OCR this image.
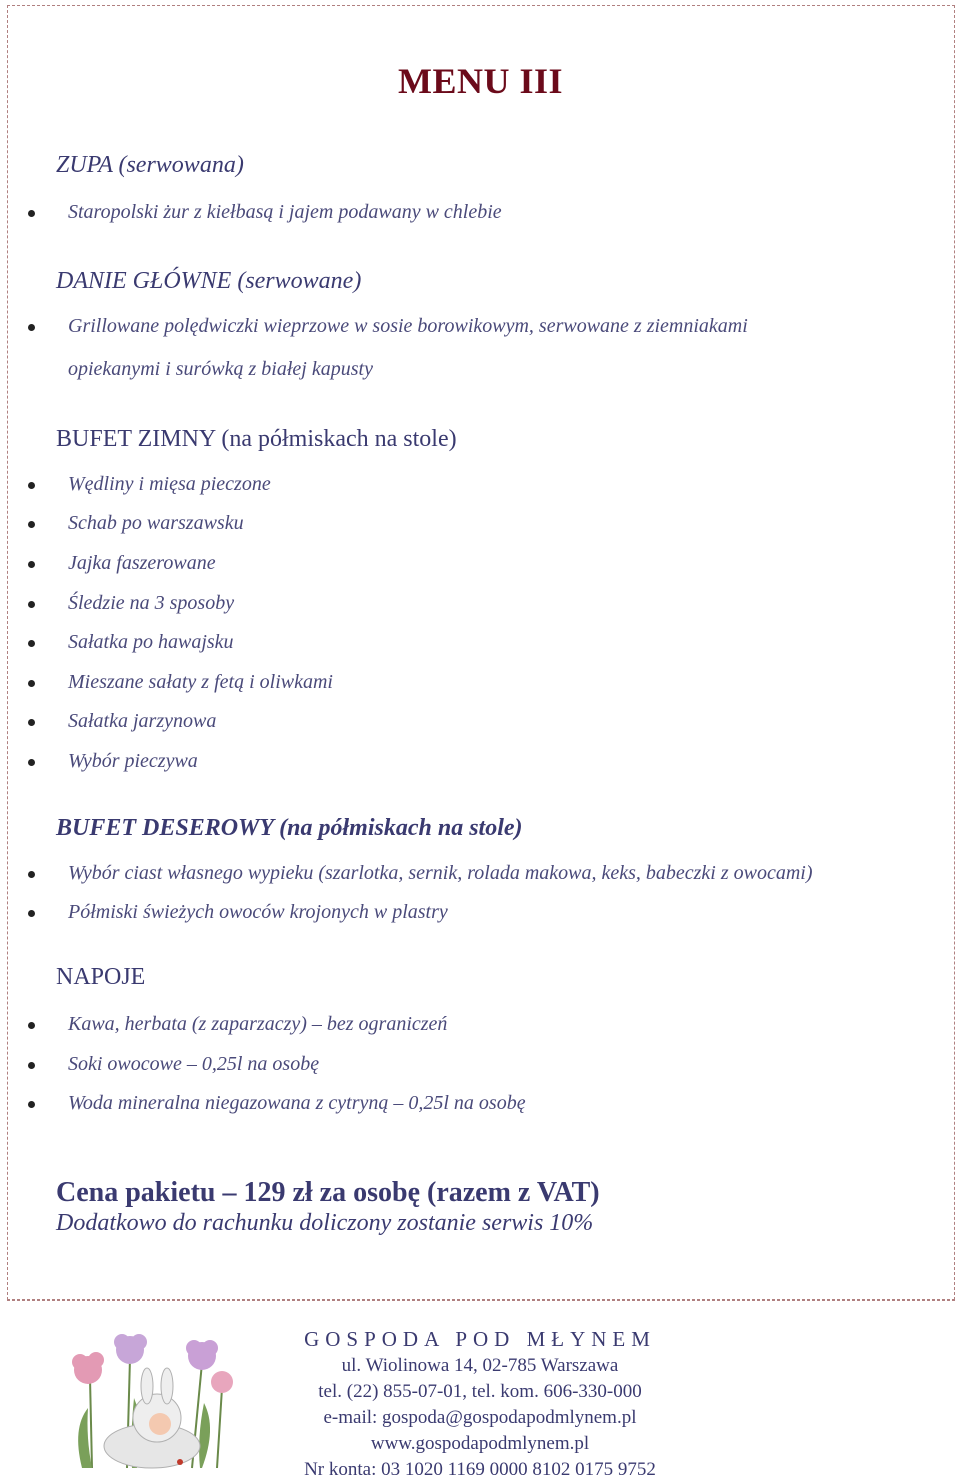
MENU III
ZUPA (serwowana)
Staropolski żur z kiełbasą i jajem podawany w chlebie
DANIE GŁÓWNE (serwowane)
Grillowane polędwiczki wieprzowe w sosie borowikowym, serwowane z ziemniakami
opiekanymi i surówką z białej kapusty
BUFET ZIMNY (na półmiskach na stole)
Wędliny i mięsa pieczone
Schab po warszawsku
Jajka faszerowane
Śledzie na 3 sposoby
Sałatka po hawajsku
Mieszane sałaty z fetą i oliwkami
Sałatka jarzynowa
Wybór pieczywa
BUFET DESEROWY (na półmiskach na stole)
Wybór ciast własnego wypieku (szarlotka, sernik, rolada makowa, keks, babeczki z owocami)
Półmiski świeżych owoców krojonych w plastry
NAPOJE
Kawa, herbata (z zaparzaczy) – bez ograniczeń
Soki owocowe – 0,25l na osobę
Woda mineralna niegazowana z cytryną – 0,25l na osobę
Cena pakietu – 129 zł za osobę (razem z VAT)
Dodatkowo do rachunku doliczony zostanie serwis 10%
GOSPODA POD MŁYNEM
ul. Wiolinowa 14, 02-785 Warszawa
tel. (22) 855-07-01, tel. kom. 606-330-000
e-mail: gospoda@gospodapodmlynem.pl
www.gospodapodmlynem.pl
Nr konta: 03 1020 1169 0000 8102 0175 9752
